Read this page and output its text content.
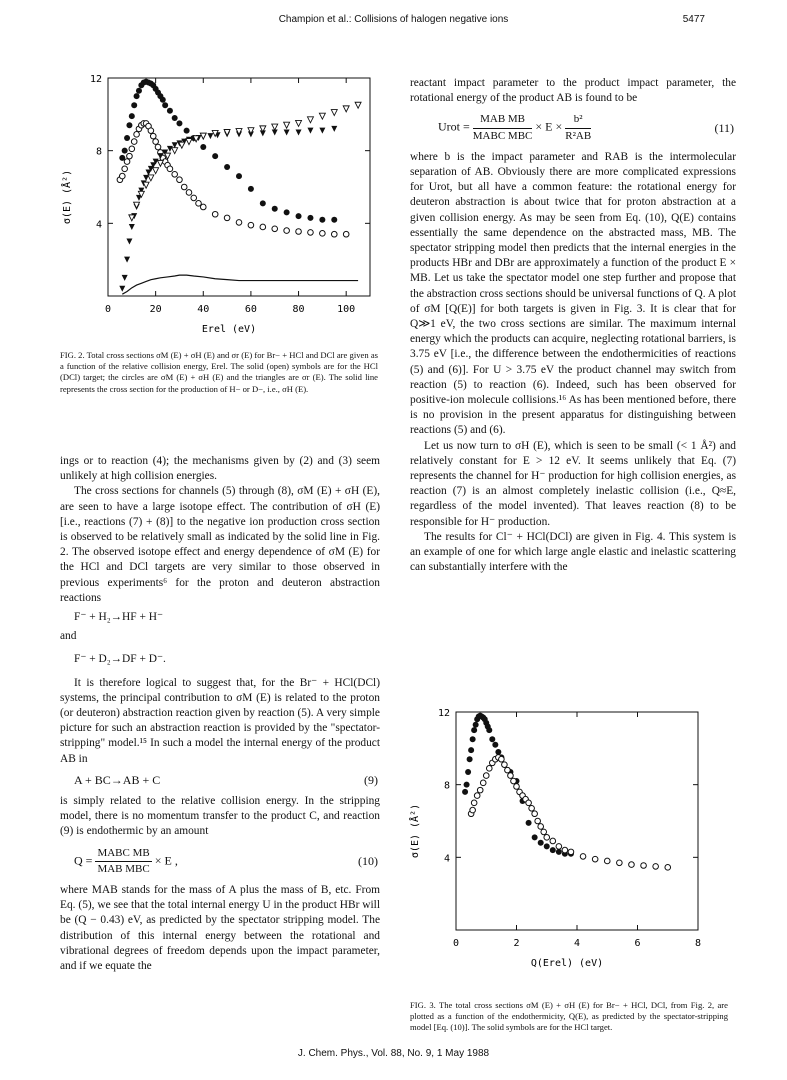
Champion et al.: Collisions of halogen negative ions	5477
0	20	40	60	80	100
4
8
12
Erel (eV)
σ(E) (Å²)
FIG. 2. Total cross sections σM (E) + σH (E) and σr (E) for Br− + HCl and DCl are given as a function of the relative collision energy, Erel. The solid (open) symbols are for the HCl (DCl) target; the circles are σM (E) + σH (E) and the triangles are σr (E). The solid line represents the cross section for the production of H− or D−, i.e., σH (E).
0	2	4	6	8
4
8
12
Q(Erel) (eV)
σ(E) (Å²)
FIG. 3. The total cross sections σM (E) + σH (E) for Br− + HCl, DCl, from Fig. 2, are plotted as a function of the endothermicity, Q(E), as predicted by the spectator-stripping model [Eq. (10)]. The solid symbols are for the HCl target.

ings or to reaction (4); the mechanisms given by (2) and (3) seem unlikely at high collision energies.

The cross sections for channels (5) through (8), σM (E) + σH (E), are seen to have a large isotope effect. The contribution of σH (E) [i.e., reactions (7) + (8)] to the negative ion production cross section is observed to be relatively small as indicated by the solid line in Fig. 2. The observed isotope effect and energy dependence of σM (E) for the HCl and DCl targets are very similar to those observed in previous experiments⁶ for the proton and deuteron abstraction reactions

F⁻ + H₂→HF + H⁻

and

F⁻ + D₂→DF + D⁻.

It is therefore logical to suggest that, for the Br⁻ + HCl(DCl) systems, the principal contribution to σM (E) is related to the proton (or deuteron) abstraction reaction given by reaction (5). A very simple picture for such an abstraction reaction is provided by the "spectator-stripping" model.¹⁵ In such a model the internal energy of the product AB in

A + BC→AB + C	(9)

is simply related to the relative collision energy. In the stripping model, there is no momentum transfer to the product C, and reaction (9) is endothermic by an amount

$Q = \frac{\text{MABC MB}}{\text{MAB MBC}} \times E$ ,	(10)

where MAB stands for the mass of A plus the mass of B, etc. From Eq. (5), we see that the total internal energy U in the product HBr will be (Q − 0.43) eV, as predicted by the spectator stripping model. The distribution of this internal energy between the rotational and vibrational degrees of freedom depends upon the impact parameter, and if we equate the

reactant impact parameter to the product impact parameter, the rotational energy of the product AB is found to be

Urot = $\frac{\text{MAB MB}}{\text{MABC MBC}} \times E \times \frac{\text{b²}}{\text{R²AB}}$	(11)

where b is the impact parameter and RAB is the intermolecular separation of AB. Obviously there are more complicated expressions for Urot, but all have a common feature: the rotational energy for deuteron abstraction is about twice that for proton abstraction at a given collision energy. As may be seen from Eq. (10), Q(E) contains essentially the same dependence on the abstracted mass, MB. The spectator stripping model then predicts that the internal energies in the products HBr and DBr are approximately a function of the product E × MB. Let us take the spectator model one step further and propose that the abstraction cross sections should be universal functions of Q. A plot of σM [Q(E)] for both targets is given in Fig. 3. It is clear that for Q≫1 eV, the two cross sections are similar. The maximum internal energy which the products can acquire, neglecting rotational barriers, is 3.75 eV [i.e., the difference between the endothermicities of reactions (5) and (6)]. For U > 3.75 eV the product channel may switch from reaction (5) to reaction (6). Indeed, such has been observed for positive-ion molecule collisions.¹⁶ As has been mentioned before, there is no provision in the present apparatus for distinguishing between reactions (5) and (6).

Let us now turn to σH (E), which is seen to be small (< 1 Å²) and relatively constant for E > 12 eV. It seems unlikely that Eq. (7) represents the channel for H⁻ production for high collision energies, as reaction (7) is an almost completely inelastic collision (i.e., Q≈E, regardless of the model invented). That leaves reaction (8) to be responsible for H⁻ production.

The results for Cl⁻ + HCl(DCl) are given in Fig. 4. This system is an example of one for which large angle elastic and inelastic scattering can substantially interfere with the

J. Chem. Phys., Vol. 88, No. 9, 1 May 1988
